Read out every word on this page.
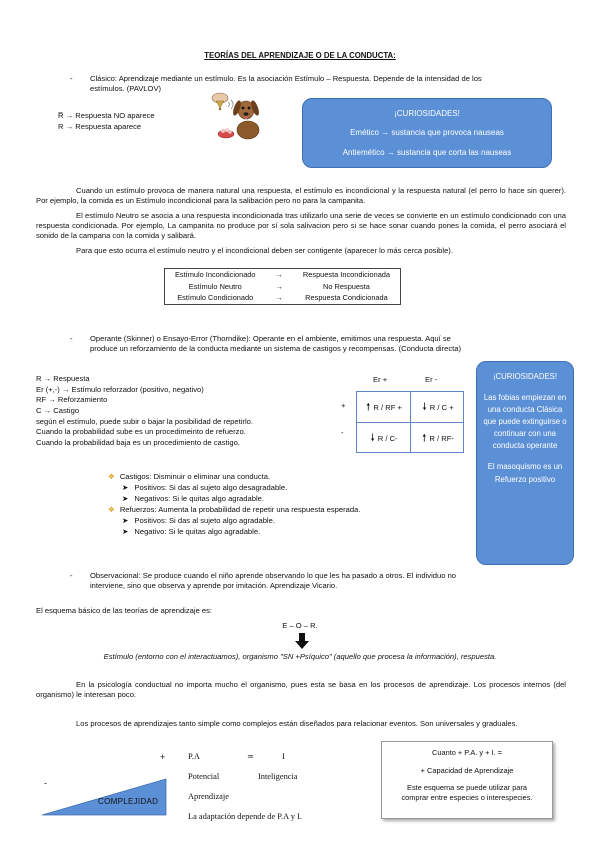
TEORÍAS DEL APRENDIZAJE O DE LA CONDUCTA:
- Clásico: Aprendizaje mediante un estímulo. Es la asociación Estímulo – Respuesta. Depende de la intensidad de los
estímulos. (PAVLOV)
R̅ → Respuesta NO aparece
R → Respuesta aparece
¡CURIOSIDADES!
Emético → sustancia que provoca nauseas
Antiemético → sustancia que corta las nauseas
Cuando un estímulo provoca de manera natural una respuesta, el estímulo es incondicional y la respuesta natural (el perro lo hace sin querer). Por ejemplo, la comida es un Estímulo incondicional para la salibación pero no para la campanita.
El estímulo Neutro se asocia a una respuesta incondicionada tras utilizarlo una serie de veces se convierte en un estímulo condicionado con una respuesta condicionada. Por ejemplo, La campanita no produce por sí sola salivacion pero si se hace sonar cuando pones la comida, el perro asociará el sonido de la campana con la comida y salibará.
Para que esto ocurra el estímulo neutro y el incondicional deben ser contigente (aparecer lo más cerca posible).
Estímulo Incondicionado	→	Respuesta Incondicionada
Estímulo Neutro	→	No Respuesta
Estímulo Condicionado	→	Respuesta Condicionada
- Operante (Skinner) o Ensayo-Error (Thorndike): Operante en el ambiente, emitimos una respuesta. Aquí se
produce un reforzamiento de la conducta mediante un sistema de castigos y recompensas. (Conducta directa)
R → Respuesta
Er (+,-) → Estímulo reforzador (positivo, negativo)
RF → Reforzamiento
C → Castigo
según el estímulo, puede subir o bajar la posibilidad de repetirlo.
Cuando la probabilidad sube es un procedimeinto de refuerzo.
Cuando la probabilidad baja es un procedimiento de castigo.
Er +	Er -
+
-
🠕 R / RF + 🠗 R / C +
🠗 R / C- 🠕 R / RF-
¡CURIOSIDADES!
Las fobias empiezan en una conducta Clásica que puede extinguirse o continuar con una conducta operante
El masoquismo es un Refuerzo positivo
❖ Castigos: Disminuir o eliminar una conducta.
➤ Positivos: Si das al sujeto algo desagradable.
➤ Negativos: Si le quitas algo agradable.
❖ Refuerzos: Aumenta la probabilidad de repetir una respuesta esperada.
➤ Positivos: Si das al sujeto algo agradable.
➤ Negativo: Si le quitas algo agradable.
- Observacional: Se produce cuando el niño aprende observando lo que les ha pasado a otros. El individuo no
interviene, sino que observa y aprende por imitación. Aprendizaje Vicario.
El esquema básico de las teorías de aprendizaje es:
E – O – R.
Estímulo (entorno con el interactuamos), organismo "SN +Psíquico" (aquello que procesa la información), respuesta.
En la psicología conductual no importa mucho el organismo, pues esta se basa en los procesos de aprendizaje. Los procesos internos (del organismo) le interesan poco.
Los procesos de aprendizajes tanto simple como complejos están diseñados para relacionar eventos. Son universales y graduales.
+
-
COMPLEJIDAD
P.A	≃	I
Potencial	Inteligencia
Aprendizaje
La adaptación depende de P.A y I.
Cuanto + P.A. y + I. =
+ Capacidad de Aprendizaje
Este esquema se puede utilizar para comprar entre especies o interespecies.
